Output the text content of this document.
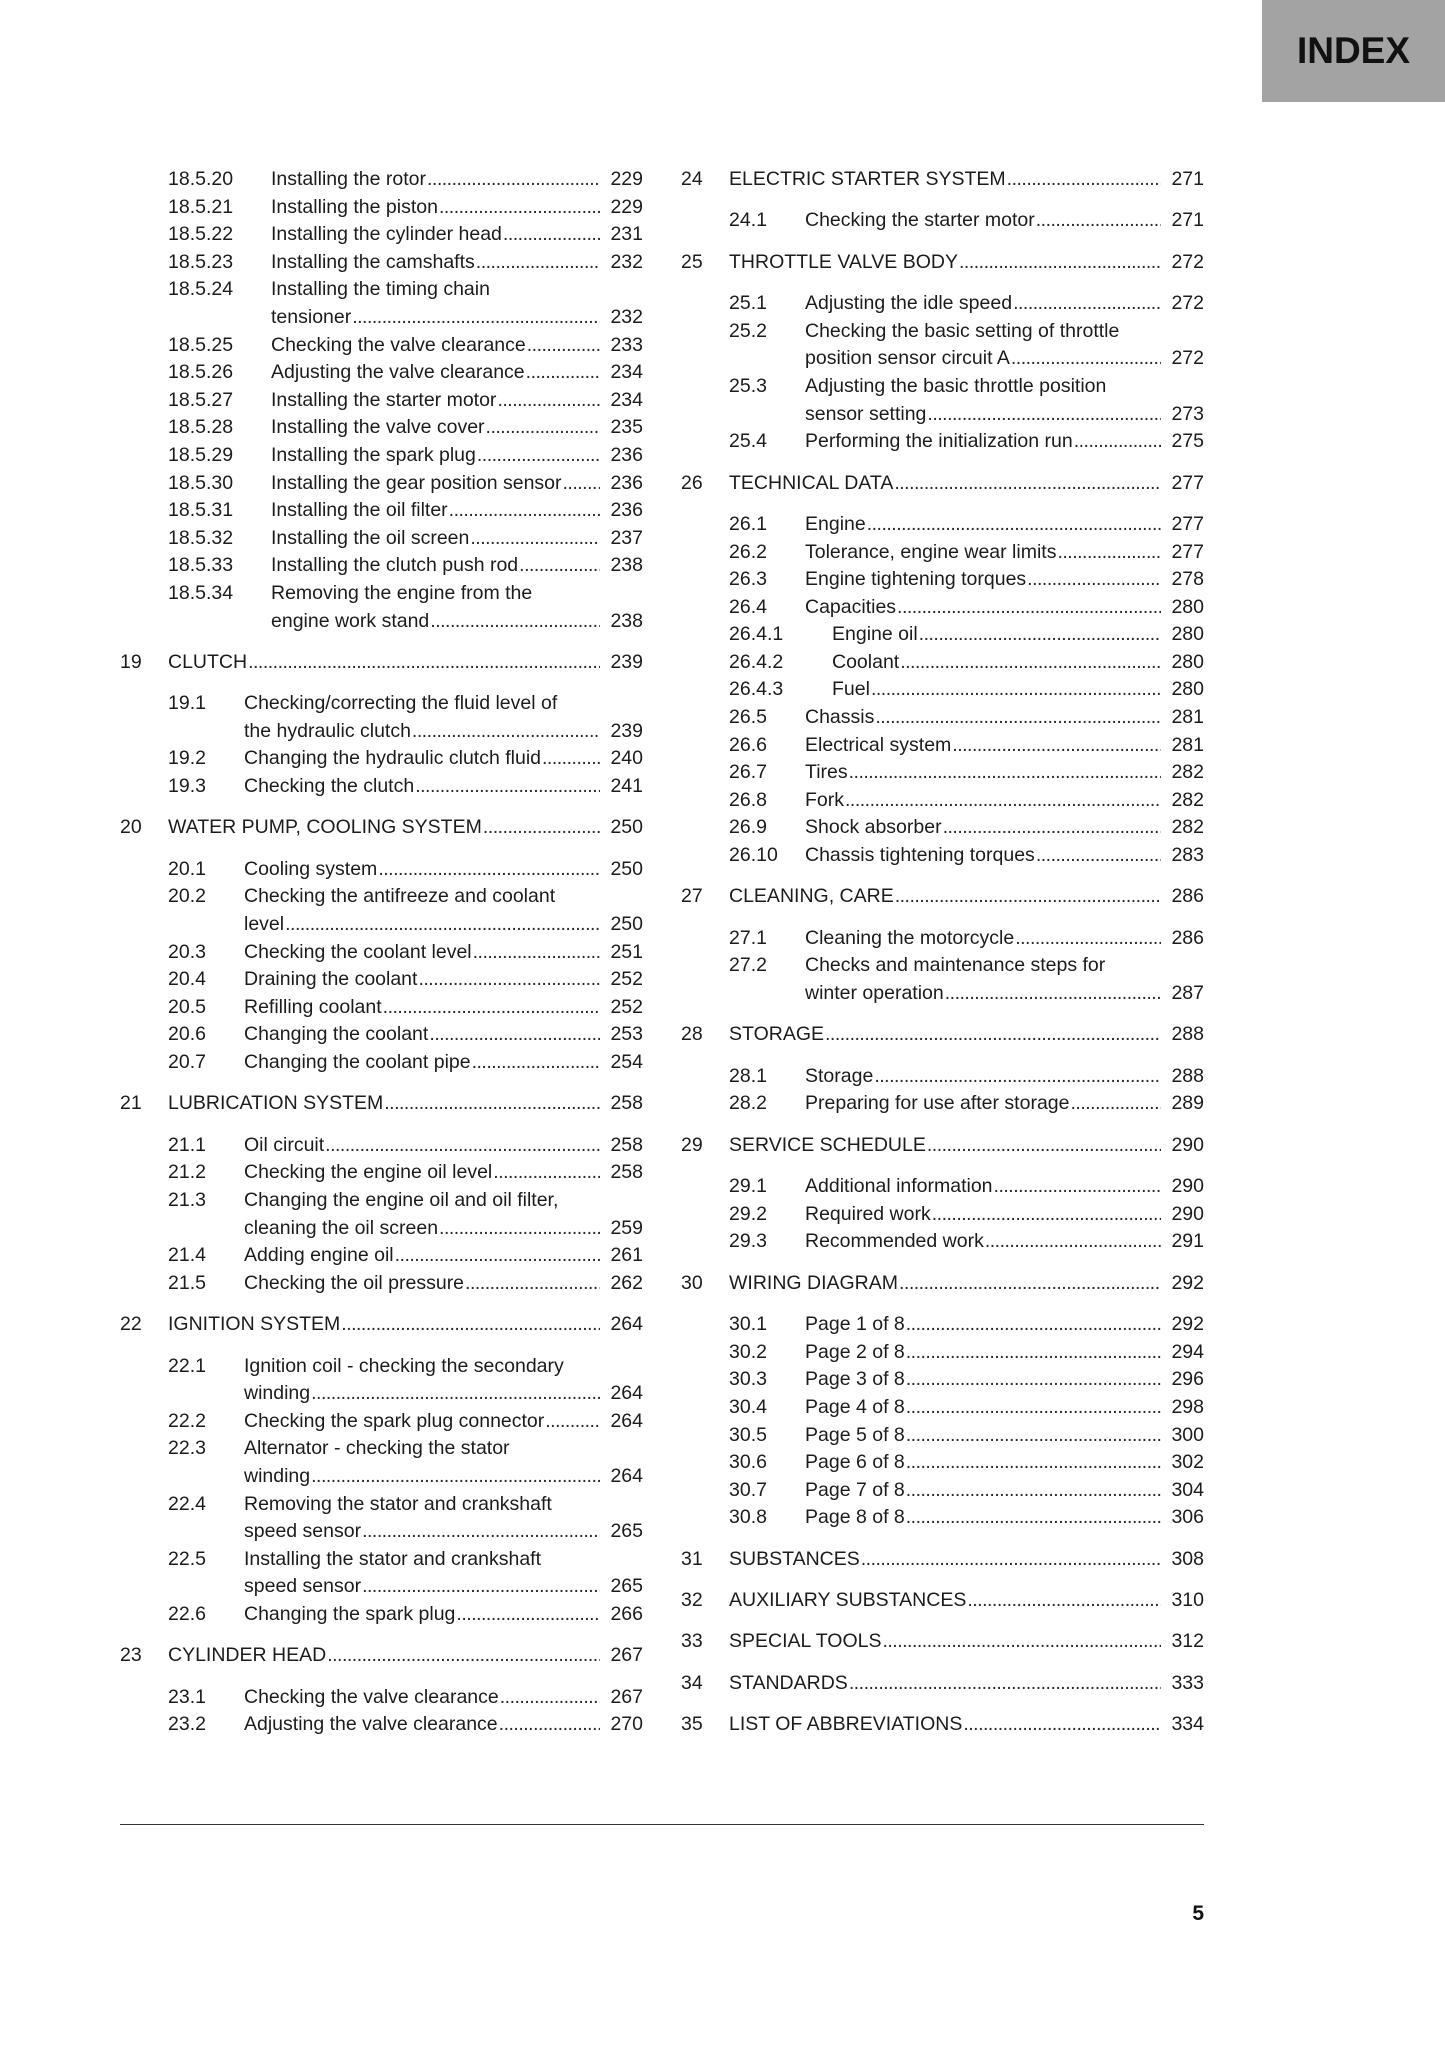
INDEX
18.5.20 Installing the rotor .....	229
18.5.21 Installing the piston .....	229
18.5.22 Installing the cylinder head .....	231
18.5.23 Installing the camshafts .....	232
18.5.24 Installing the timing chain
tensioner .....	232
18.5.25 Checking the valve clearance .....	233
18.5.26 Adjusting the valve clearance .....	234
18.5.27 Installing the starter motor .....	234
18.5.28 Installing the valve cover .....	235
18.5.29 Installing the spark plug .....	236
18.5.30 Installing the gear position sensor .....	236
18.5.31 Installing the oil filter .....	236
18.5.32 Installing the oil screen .....	237
18.5.33 Installing the clutch push rod .....	238
18.5.34 Removing the engine from the
engine work stand .....	238
19 CLUTCH .....	239
19.1 Checking/correcting the fluid level of
the hydraulic clutch .....	239
19.2 Changing the hydraulic clutch fluid .....	240
19.3 Checking the clutch .....	241
20 WATER PUMP, COOLING SYSTEM .....	250
20.1 Cooling system .....	250
20.2 Checking the antifreeze and coolant
level .....	250
20.3 Checking the coolant level .....	251
20.4 Draining the coolant .....	252
20.5 Refilling coolant .....	252
20.6 Changing the coolant .....	253
20.7 Changing the coolant pipe .....	254
21 LUBRICATION SYSTEM .....	258
21.1 Oil circuit .....	258
21.2 Checking the engine oil level .....	258
21.3 Changing the engine oil and oil filter,
cleaning the oil screen .....	259
21.4 Adding engine oil .....	261
21.5 Checking the oil pressure .....	262
22 IGNITION SYSTEM .....	264
22.1 Ignition coil - checking the secondary
winding .....	264
22.2 Checking the spark plug connector .....	264
22.3 Alternator - checking the stator
winding .....	264
22.4 Removing the stator and crankshaft
speed sensor .....	265
22.5 Installing the stator and crankshaft
speed sensor .....	265
22.6 Changing the spark plug .....	266
23 CYLINDER HEAD .....	267
23.1 Checking the valve clearance .....	267
23.2 Adjusting the valve clearance .....	270
24 ELECTRIC STARTER SYSTEM .....	271
24.1 Checking the starter motor .....	271
25 THROTTLE VALVE BODY .....	272
25.1 Adjusting the idle speed .....	272
25.2 Checking the basic setting of throttle
position sensor circuit A .....	272
25.3 Adjusting the basic throttle position
sensor setting .....	273
25.4 Performing the initialization run .....	275
26 TECHNICAL DATA .....	277
26.1 Engine .....	277
26.2 Tolerance, engine wear limits .....	277
26.3 Engine tightening torques .....	278
26.4 Capacities .....	280
26.4.1	Engine oil .....	280
26.4.2	Coolant .....	280
26.4.3	Fuel .....	280
26.5 Chassis .....	281
26.6 Electrical system .....	281
26.7 Tires .....	282
26.8 Fork .....	282
26.9 Shock absorber .....	282
26.10 Chassis tightening torques .....	283
27 CLEANING, CARE .....	286
27.1 Cleaning the motorcycle .....	286
27.2 Checks and maintenance steps for
winter operation .....	287
28 STORAGE .....	288
28.1 Storage .....	288
28.2 Preparing for use after storage .....	289
29 SERVICE SCHEDULE .....	290
29.1 Additional information .....	290
29.2 Required work .....	290
29.3 Recommended work .....	291
30 WIRING DIAGRAM .....	292
30.1 Page 1 of 8 .....	292
30.2 Page 2 of 8 .....	294
30.3 Page 3 of 8 .....	296
30.4 Page 4 of 8 .....	298
30.5 Page 5 of 8 .....	300
30.6 Page 6 of 8 .....	302
30.7 Page 7 of 8 .....	304
30.8 Page 8 of 8 .....	306
31 SUBSTANCES .....	308
32 AUXILIARY SUBSTANCES .....	310
33 SPECIAL TOOLS .....	312
34 STANDARDS .....	333
35 LIST OF ABBREVIATIONS .....	334
5
